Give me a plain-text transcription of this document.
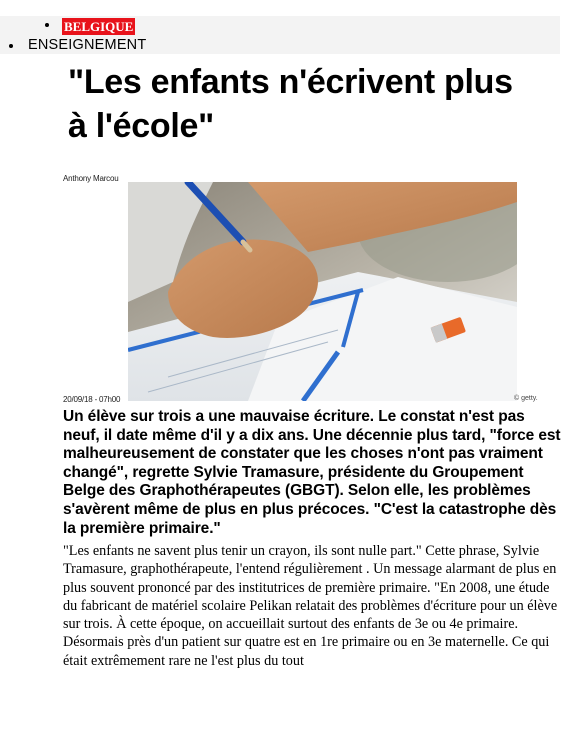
BELGIQUE
ENSEIGNEMENT
"Les enfants n'écrivent plus à l'école"
Anthony Marcou
20/09/18 - 07h00	© getty.

Un élève sur trois a une mauvaise écriture. Le constat n'est pas neuf, il date même d'il y a dix ans. Une décennie plus tard, "force est malheureusement de constater que les choses n'ont pas vraiment changé", regrette Sylvie Tramasure, présidente du Groupement Belge des Graphothérapeutes (GBGT). Selon elle, les problèmes s'avèrent même de plus en plus précoces. "C'est la catastrophe dès la première primaire."

"Les enfants ne savent plus tenir un crayon, ils sont nulle part." Cette phrase, Sylvie Tramasure, graphothérapeute, l'entend régulièrement . Un message alarmant de plus en plus souvent prononcé par des institutrices de première primaire. "En 2008, une étude du fabricant de matériel scolaire Pelikan relatait des problèmes d'écriture pour un élève sur trois. À cette époque, on accueillait surtout des enfants de 3e ou 4e primaire. Désormais près d'un patient sur quatre est en 1re primaire ou en 3e maternelle. Ce qui était extrêmement rare ne l'est plus du tout
